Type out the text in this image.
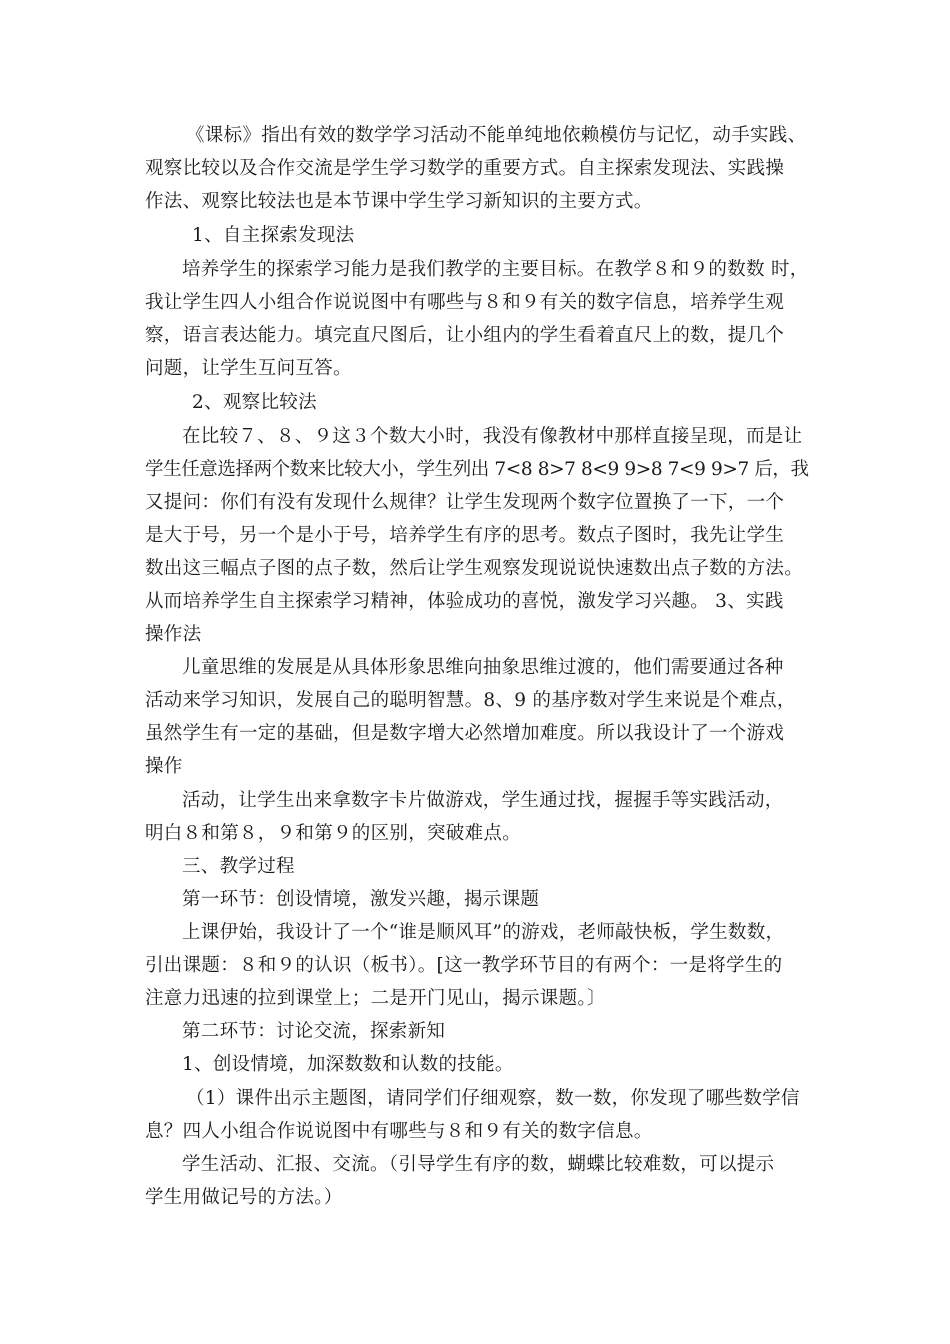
《课标》指出有效的数学学习活动不能单纯地依赖模仿与记忆，动手实践、
观察比较以及合作交流是学生学习数学的重要方式。自主探索发现法、实践操
作法、观察比较法也是本节课中学生学习新知识的主要方式。
1、自主探索发现法
培养学生的探索学习能力是我们教学的主要目标。在教学８和９的数数 时，
我让学生四人小组合作说说图中有哪些与８和９有关的数字信息，培养学生观
察，语言表达能力。填完直尺图后，让小组内的学生看着直尺上的数，提几个
问题，让学生互问互答。
2、观察比较法
在比较７、８、９这３个数大小时，我没有像教材中那样直接呈现，而是让
学生任意选择两个数来比较大小，学生列出 7<8 8>7 8<9 9>8 7<9 9>7 后，我
又提问：你们有没有发现什么规律？让学生发现两个数字位置换了一下，一个
是大于号，另一个是小于号，培养学生有序的思考。数点子图时，我先让学生
数出这三幅点子图的点子数，然后让学生观察发现说说快速数出点子数的方法。
从而培养学生自主探索学习精神，体验成功的喜悦，激发学习兴趣。 3、实践
操作法
儿童思维的发展是从具体形象思维向抽象思维过渡的，他们需要通过各种
活动来学习知识，发展自己的聪明智慧。8、9 的基序数对学生来说是个难点，
虽然学生有一定的基础，但是数字增大必然增加难度。所以我设计了一个游戏
操作
活动，让学生出来拿数字卡片做游戏，学生通过找，握握手等实践活动，
明白８和第８，９和第９的区别，突破难点。
三、教学过程
第一环节：创设情境，激发兴趣，揭示课题
上课伊始，我设计了一个“谁是顺风耳”的游戏，老师敲快板，学生数数，
引出课题：８和９的认识（板书）。[这一教学环节目的有两个：一是将学生的
注意力迅速的拉到课堂上；二是开门见山，揭示课题。〕
第二环节：讨论交流，探索新知
1、创设情境，加深数数和认数的技能。
（1）课件出示主题图，请同学们仔细观察，数一数，你发现了哪些数学信
息？四人小组合作说说图中有哪些与８和９有关的数字信息。
学生活动、汇报、交流。（引导学生有序的数，蝴蝶比较难数，可以提示
学生用做记号的方法。）
